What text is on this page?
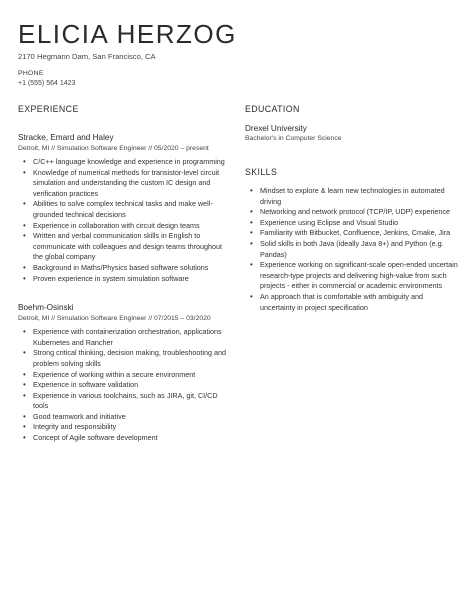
ELICIA HERZOG
2170 Hegmann Dam, San Francisco, CA
PHONE
+1 (555) 564 1423
EXPERIENCE
Stracke, Emard and Haley
Detroit, MI // Simulation Software Engineer // 05/2020 – present
• C/C++ language knowledge and experience in programming
• Knowledge of numerical methods for transistor-level circuit simulation and understanding the custom IC design and verification practices
• Abilities to solve complex technical tasks and make well-grounded technical decisions
• Experience in collaboration with circuit design teams
• Written and verbal communication skills in English to communicate with colleagues and design teams throughout the global company
• Background in Maths/Physics based software solutions
• Proven experience in system simulation software
Boehm-Osinski
Detroit, MI // Simulation Software Engineer // 07/2015 – 03/2020
• Experience with containerization orchestration, applications Kubernetes and Rancher
• Strong critical thinking, decision making, troubleshooting and problem solving skills
• Experience of working within a secure environment
• Experience in software validation
• Experience in various toolchains, such as JIRA, git, CI/CD tools
• Good teamwork and initiative
• Integrity and responsibility
• Concept of Agile software development
EDUCATION
Drexel University
Bachelor's in Computer Science
SKILLS
• Mindset to explore & learn new technologies in automated driving
• Networking and network protocol (TCP/IP, UDP) experience
• Experience using Eclipse and Visual Studio
• Familiarity with Bitbucket, Confluence, Jenkins, Cmake, Jira
• Solid skills in both Java (ideally Java 8+) and Python (e.g. Pandas)
• Experience working on significant-scale open-ended uncertain research-type projects and delivering high-value from such projects - either in commercial or academic environments
• An approach that is comfortable with ambiguity and uncertainty in project specification
